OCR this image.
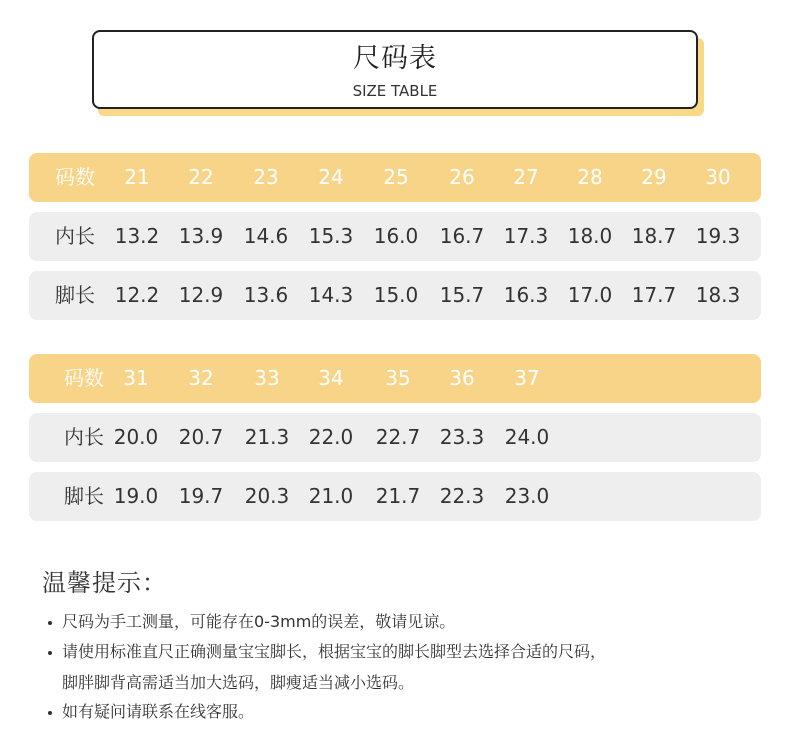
尺码表
SIZE TABLE
码数	21	22	23	24	25	26	27	28	29	30
内长 13.2 13.9	14.6	15.3	16.0	16.7 17.3 18.0 18.7 19.3
脚长 12.2 12.9	13.6	14.3	15.0	15.7 16.3 17.0 17.7 18.3
码数 31	32	33	34	35	36	37
内长 20.0	20.7	21.3 22.0	22.7 23.3	24.0
脚长 19.0	19.7	20.3 21.0	21.7 22.3	23.0
温馨提示：
尺码为手工测量，可能存在0-3mm的误差，敬请见谅。
请使用标准直尺正确测量宝宝脚长，根据宝宝的脚长脚型去选择合适的尺码，
脚胖脚背高需适当加大选码，脚瘦适当减小选码。
如有疑问请联系在线客服。
